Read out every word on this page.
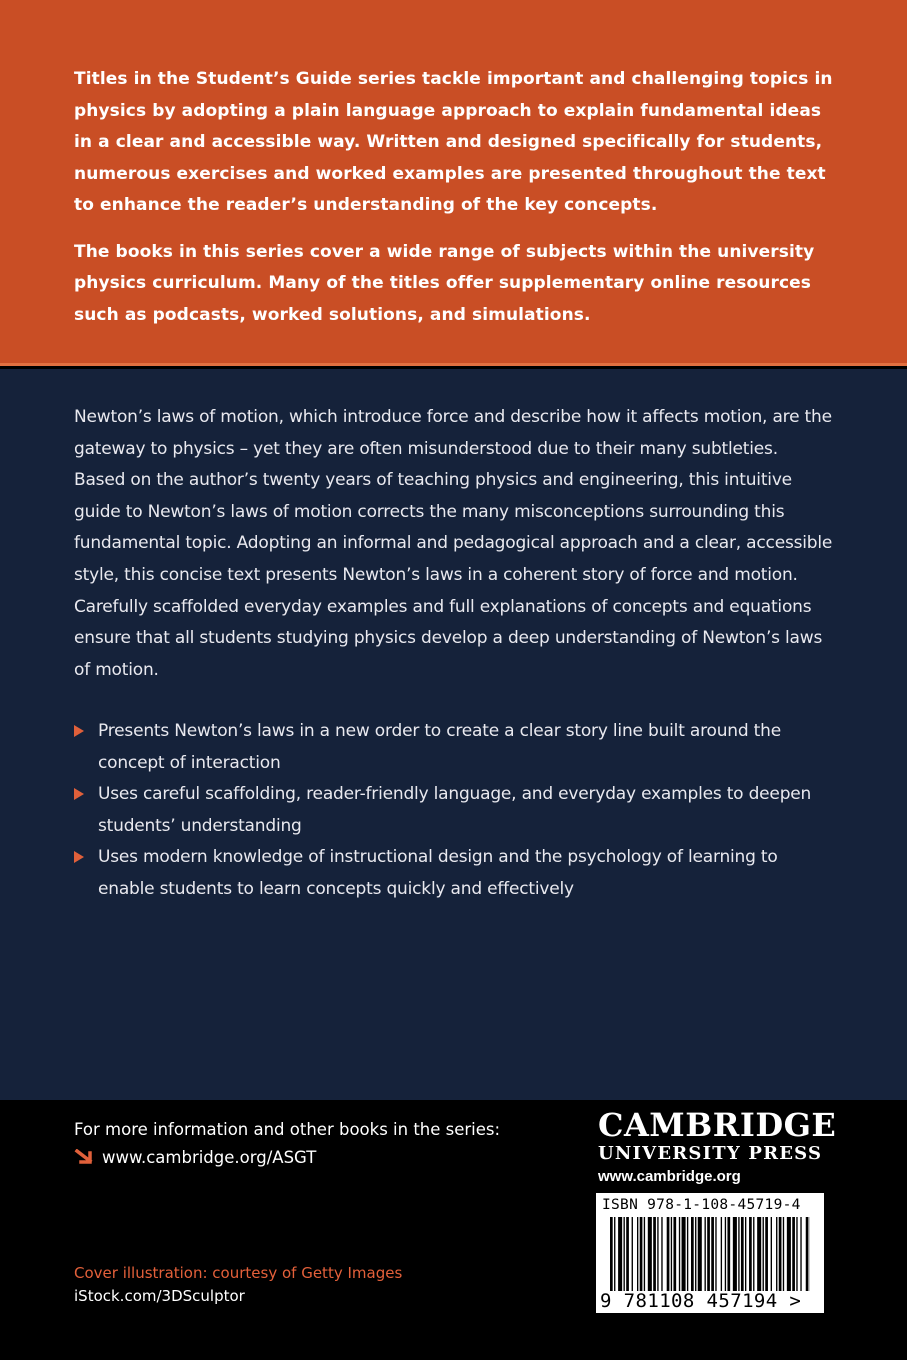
Titles in the Student’s Guide series tackle important and challenging topics in physics by adopting a plain language approach to explain fundamental ideas in a clear and accessible way. Written and designed specifically for students, numerous exercises and worked examples are presented throughout the text to enhance the reader’s understanding of the key concepts.

The books in this series cover a wide range of subjects within the university physics curriculum. Many of the titles offer supplementary online resources such as podcasts, worked solutions, and simulations.

Newton’s laws of motion, which introduce force and describe how it affects motion, are the gateway to physics – yet they are often misunderstood due to their many subtleties. Based on the author’s twenty years of teaching physics and engineering, this intuitive guide to Newton’s laws of motion corrects the many misconceptions surrounding this fundamental topic. Adopting an informal and pedagogical approach and a clear, accessible style, this concise text presents Newton’s laws in a coherent story of force and motion. Carefully scaffolded everyday examples and full explanations of concepts and equations ensure that all students studying physics develop a deep understanding of Newton’s laws of motion.

Presents Newton’s laws in a new order to create a clear story line built around the concept of interaction
Uses careful scaffolding, reader-friendly language, and everyday examples to deepen students’ understanding
Uses modern knowledge of instructional design and the psychology of learning to enable students to learn concepts quickly and effectively
For more information and other books in the series:
www.cambridge.org/ASGT
Cover illustration: courtesy of Getty Images
iStock.com/3DSculptor
CAMBRIDGE
UNIVERSITY PRESS
www.cambridge.org
ISBN 978-1-108-45719-4
9 781108 457194 >
